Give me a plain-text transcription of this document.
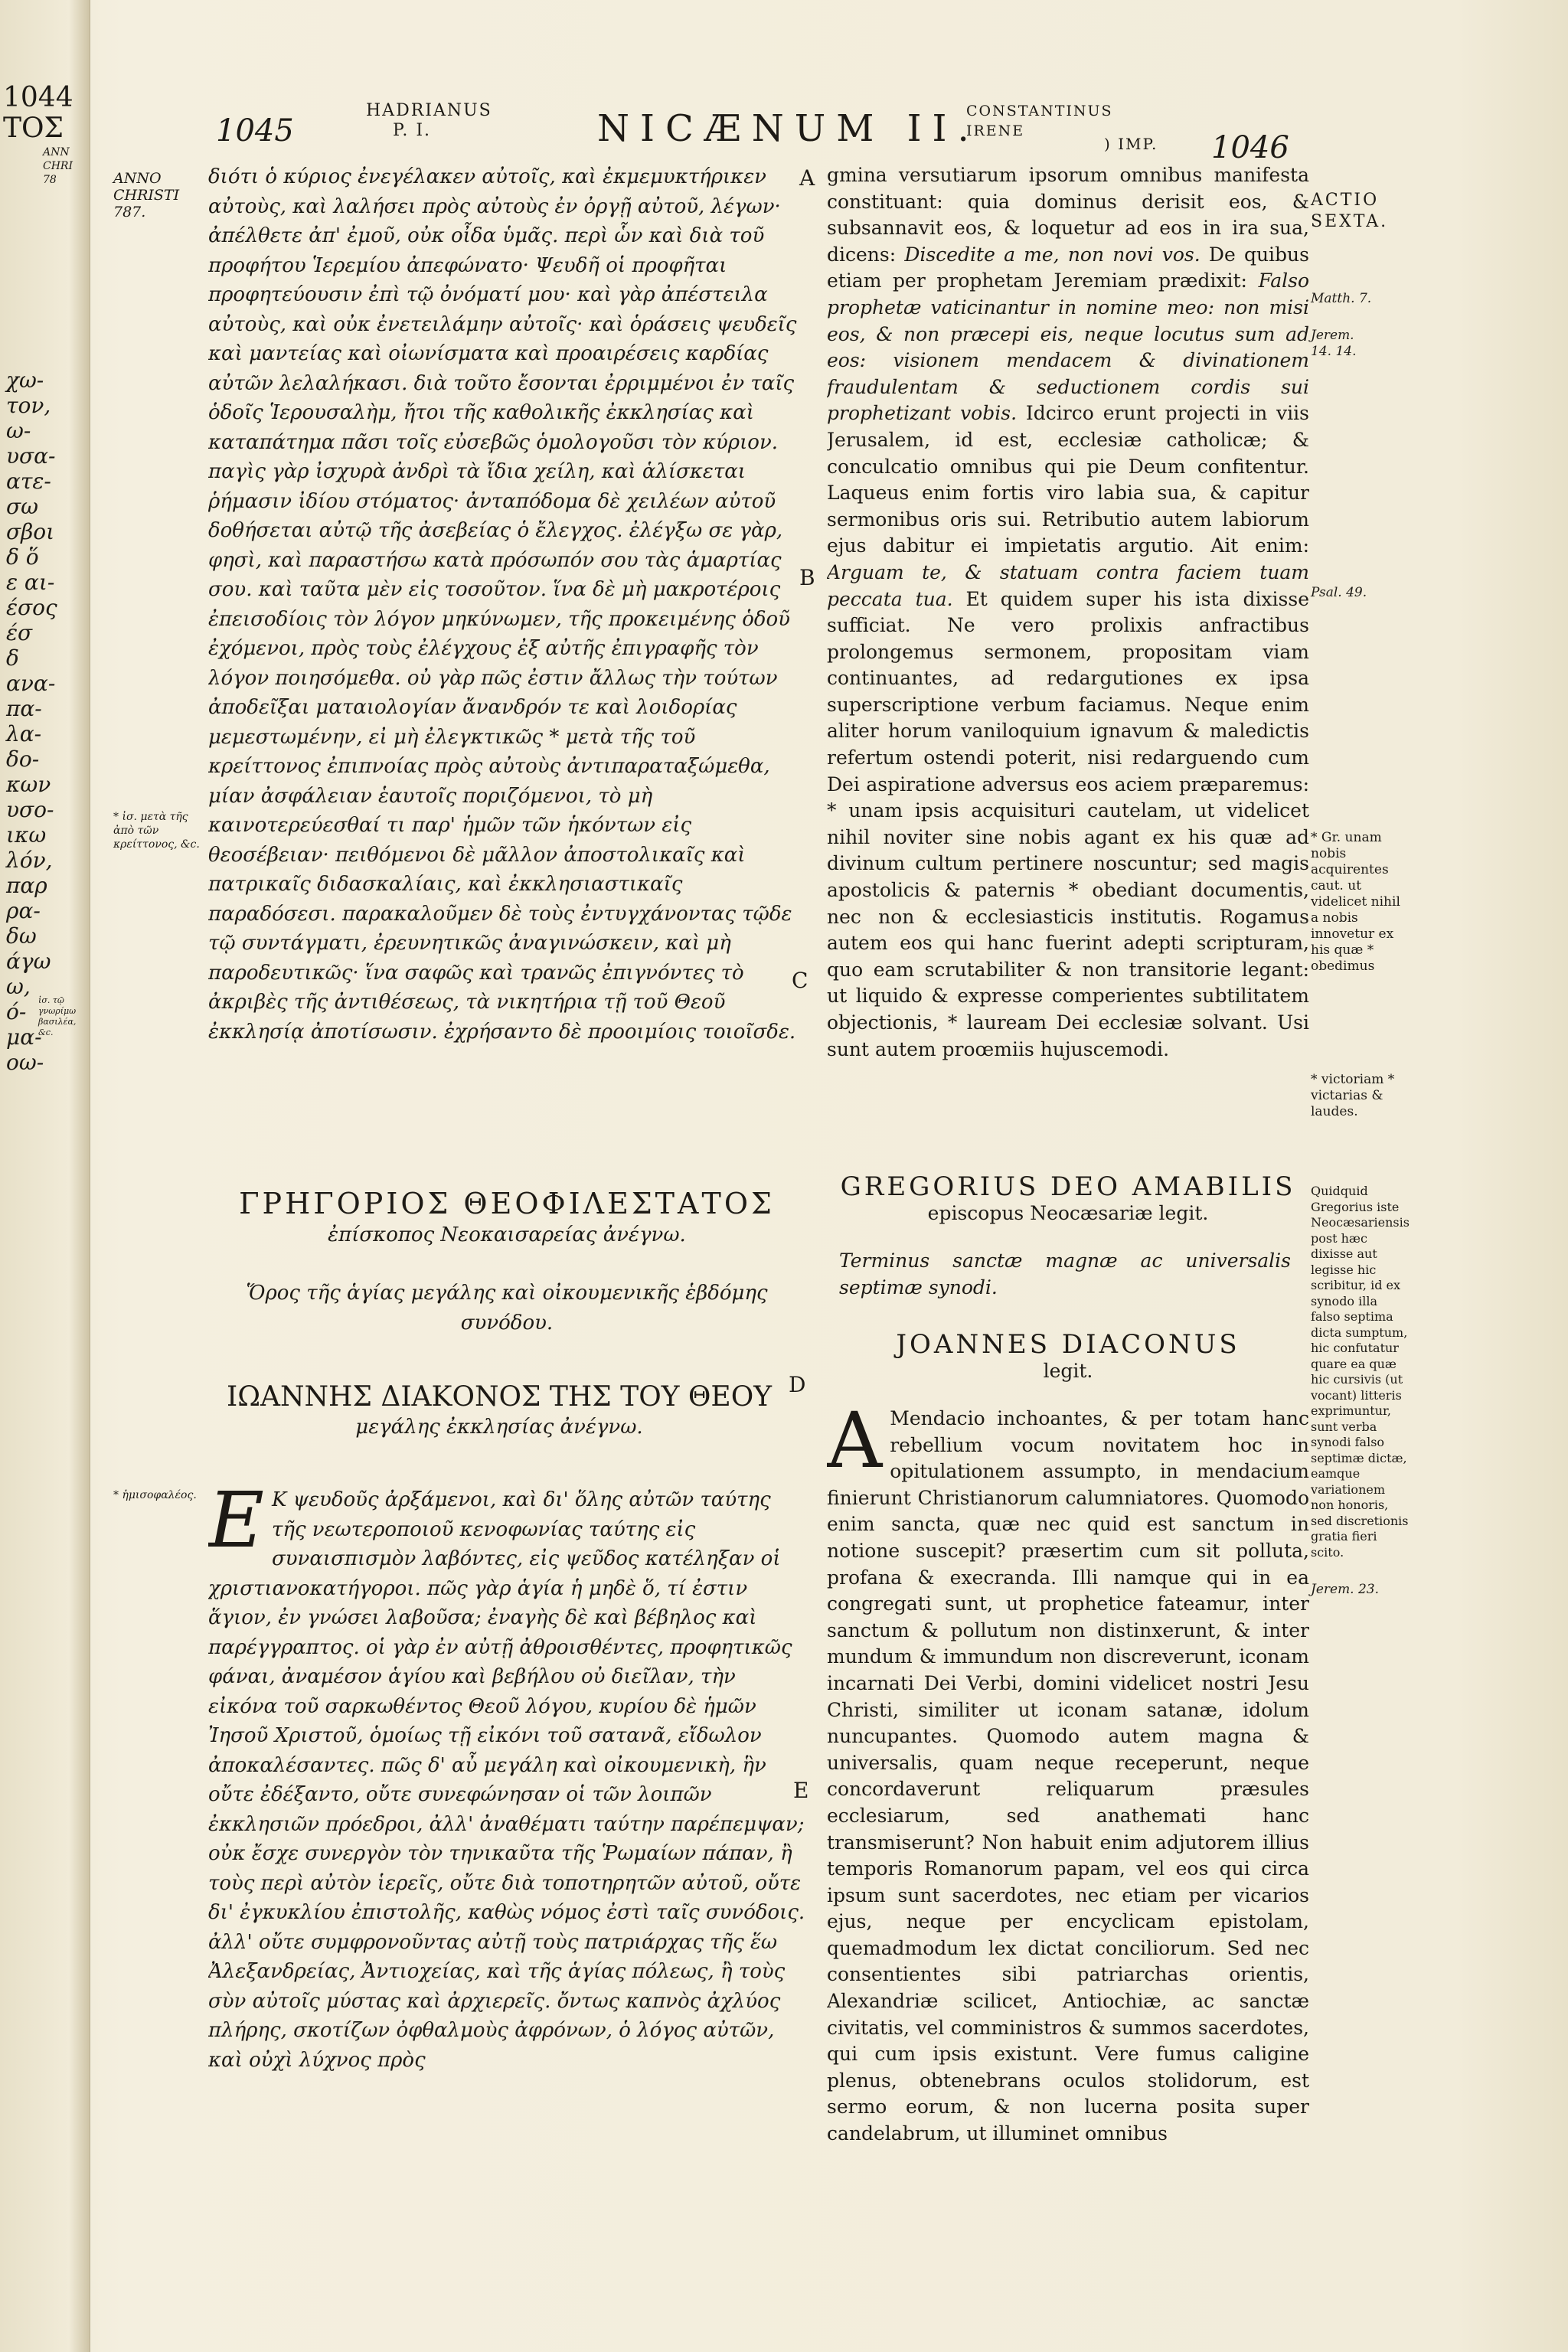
1044
ΤΟΣ
ANN CHRI 78
χω-
τον,
ω-
υσα-
ατε-
σω
σβοι
δ ὅ
ε αι-
έσος
έσ
δ
ανα-
πα-
λα-
δο-
κων
υσο-
ικω
λόν,
παρ
ρα-
δω
άγω
ω,
ό-
μα-
οω-
ἰσ. τῷ γνωρίμω βασιλέα, &c.
1045
HADRIANUS P. I.	NICÆNUM II.
CONSTANTINUS IRENE
) IMP. 1046
ANNO CHRISTI 787.
* ἰσ. μετὰ τῆς ἀπὸ τῶν κρείττονος, &c.
* ἡμισοφαλέος.
A
B
C
D
E
διότι ὁ κύριος ἐνεγέλακεν αὐτοῖς, καὶ ἐκμεμυκτήρικεν αὐτοὺς, καὶ λαλήσει πρὸς αὐτοὺς ἐν ὀργῇ αὐτοῦ, λέγων· ἀπέλθετε ἀπ' ἐμοῦ, οὐκ οἶδα ὑμᾶς. περὶ ὧν καὶ διὰ τοῦ προφήτου Ἱερεμίου ἀπεφώνατο· Ψευδῆ οἱ προφῆται προφητεύουσιν ἐπὶ τῷ ὀνόματί μου· καὶ γὰρ ἀπέστειλα αὐτοὺς, καὶ οὐκ ἐνετειλάμην αὐτοῖς· καὶ ὁράσεις ψευδεῖς καὶ μαντείας καὶ οἰωνίσματα καὶ προαιρέσεις καρδίας αὐτῶν λελαλήκασι. διὰ τοῦτο ἔσονται ἐρριμμένοι ἐν ταῖς ὁδοῖς Ἱερουσαλὴμ, ἤτοι τῆς καθολικῆς ἐκκλησίας καὶ καταπάτημα πᾶσι τοῖς εὐσεβῶς ὁμολογοῦσι τὸν κύριον. παγὶς γὰρ ἰσχυρὰ ἀνδρὶ τὰ ἴδια χείλη, καὶ ἁλίσκεται ῥήμασιν ἰδίου στόματος· ἀνταπόδομα δὲ χειλέων αὐτοῦ δοθήσεται αὐτῷ τῆς ἀσεβείας ὁ ἔλεγχος. ἐλέγξω σε γὰρ, φησὶ, καὶ παραστήσω κατὰ πρόσωπόν σου τὰς ἁμαρτίας σου. καὶ ταῦτα μὲν εἰς τοσοῦτον. ἵνα δὲ μὴ μακροτέροις ἐπεισοδίοις τὸν λόγον μηκύνωμεν, τῆς προκειμένης ὁδοῦ ἐχόμενοι, πρὸς τοὺς ἐλέγχους ἐξ αὐτῆς ἐπιγραφῆς τὸν λόγον ποιησόμεθα. οὐ γὰρ πῶς ἐστιν ἄλλως τὴν τούτων ἀποδεῖξαι ματαιολογίαν ἄνανδρόν τε καὶ λοιδορίας μεμεστωμένην, εἰ μὴ ἐλεγκτικῶς * μετὰ τῆς τοῦ κρείττονος ἐπιπνοίας πρὸς αὐτοὺς ἀντιπαραταξώμεθα, μίαν ἀσφάλειαν ἑαυτοῖς ποριζόμενοι, τὸ μὴ καινοτερεύεσθαί τι παρ' ἡμῶν τῶν ἡκόντων εἰς θεοσέβειαν· πειθόμενοι δὲ μᾶλλον ἀποστολικαῖς καὶ πατρικαῖς διδασκαλίαις, καὶ ἐκκλησιαστικαῖς παραδόσεσι. παρακαλοῦμεν δὲ τοὺς ἐντυγχάνοντας τῷδε τῷ συντάγματι, ἐρευνητικῶς ἀναγινώσκειν, καὶ μὴ παροδευτικῶς· ἵνα σαφῶς καὶ τρανῶς ἐπιγνόντες τὸ ἀκριβὲς τῆς ἀντιθέσεως, τὰ νικητήρια τῇ τοῦ Θεοῦ ἐκκλησίᾳ ἀποτίσωσιν. ἐχρήσαντο δὲ προοιμίοις τοιοῖσδε.
ΓΡΗΓΟΡΙΟΣ ΘΕΟΦΙΛΕΣΤΑΤΟΣ
ἐπίσκοπος Νεοκαισαρείας ἀνέγνω.
Ὅρος τῆς ἁγίας μεγάλης καὶ οἰκουμενικῆς ἑβδόμης συνόδου.
ΙΩΑΝΝΗΣ ΔΙΑΚΟΝΟΣ ΤΗΣ ΤΟΥ ΘΕΟΥ
μεγάλης ἐκκλησίας ἀνέγνω.
Ε Κ ψευδοῦς ἀρξάμενοι, καὶ δι' ὅλης αὐτῶν ταύτης τῆς νεωτεροποιοῦ κενοφωνίας ταύτης εἰς συναισπισμὸν λαβόντες, εἰς ψεῦδος κατέληξαν οἱ χριστιανοκατήγοροι. πῶς γὰρ ἁγία ἡ μηδὲ ὅ, τί ἐστιν ἅγιον, ἐν γνώσει λαβοῦσα; ἐναγὴς δὲ καὶ βέβηλος καὶ παρέγγραπτος. οἱ γὰρ ἐν αὐτῇ ἀθροισθέντες, προφητικῶς φάναι, ἀναμέσον ἁγίου καὶ βεβήλου οὐ διεῖλαν, τὴν εἰκόνα τοῦ σαρκωθέντος Θεοῦ λόγου, κυρίου δὲ ἡμῶν Ἰησοῦ Χριστοῦ, ὁμοίως τῇ εἰκόνι τοῦ σατανᾶ, εἴδωλον ἀποκαλέσαντες. πῶς δ' αὖ μεγάλη καὶ οἰκουμενικὴ, ἣν οὔτε ἐδέξαντο, οὔτε συνεφώνησαν οἱ τῶν λοιπῶν ἐκκλησιῶν πρόεδροι, ἀλλ' ἀναθέματι ταύτην παρέπεμψαν; οὐκ ἔσχε συνεργὸν τὸν τηνικαῦτα τῆς Ῥωμαίων πάπαν, ἢ τοὺς περὶ αὐτὸν ἱερεῖς, οὔτε διὰ τοποτηρητῶν αὐτοῦ, οὔτε δι' ἐγκυκλίου ἐπιστολῆς, καθὼς νόμος ἐστὶ ταῖς συνόδοις. ἀλλ' οὔτε συμφρονοῦντας αὐτῇ τοὺς πατριάρχας τῆς ἕω Ἀλεξανδρείας, Ἀντιοχείας, καὶ τῆς ἁγίας πόλεως, ἢ τοὺς σὺν αὐτοῖς μύστας καὶ ἀρχιερεῖς. ὄντως καπνὸς ἀχλύος πλήρης, σκοτίζων ὀφθαλμοὺς ἀφρόνων, ὁ λόγος αὐτῶν, καὶ οὐχὶ λύχνος πρὸς
gmina versutiarum ipsorum omnibus manifesta constituant: quia dominus derisit eos, & subsannavit eos, & loquetur ad eos in ira sua, dicens: Discedite a me, non novi vos. De quibus etiam per prophetam Jeremiam prædixit: Falso prophetæ vaticinantur in nomine meo: non misi eos, & non præcepi eis, neque locutus sum ad eos: visionem mendacem & divinationem fraudulentam & seductionem cordis sui prophetizant vobis. Idcirco erunt projecti in viis Jerusalem, id est, ecclesiæ catholicæ; & conculcatio omnibus qui pie Deum confitentur. Laqueus enim fortis viro labia sua, & capitur sermonibus oris sui. Retributio autem labiorum ejus dabitur ei impietatis argutio. Ait enim: Arguam te, & statuam contra faciem tuam peccata tua. Et quidem super his ista dixisse sufficiat. Ne vero prolixis anfractibus prolongemus sermonem, propositam viam continuantes, ad redargutiones ex ipsa superscriptione verbum faciamus. Neque enim aliter horum vaniloquium ignavum & maledictis refertum ostendi poterit, nisi redarguendo cum Dei aspiratione adversus eos aciem præparemus: * unam ipsis acquisituri cautelam, ut videlicet nihil noviter sine nobis agant ex his quæ ad divinum cultum pertinere noscuntur; sed magis apostolicis & paternis * obediant documentis, nec non & ecclesiasticis institutis. Rogamus autem eos qui hanc fuerint adepti scripturam, quo eam scrutabiliter & non transitorie legant: ut liquido & expresse comperientes subtilitatem objectionis, * lauream Dei ecclesiæ solvant. Usi sunt autem proœmiis hujuscemodi.
GREGORIUS DEO AMABILIS
episcopus Neocæsariæ legit.
Terminus sanctæ magnæ ac universalis septimæ synodi.
JOANNES DIACONUS
legit.
A Mendacio inchoantes, & per totam hanc rebellium vocum novitatem hoc in opitulationem assumpto, in mendacium finierunt Christianorum calumniatores. Quomodo enim sancta, quæ nec quid est sanctum in notione suscepit? præsertim cum sit polluta, profana & execranda. Illi namque qui in ea congregati sunt, ut prophetice fateamur, inter sanctum & pollutum non distinxerunt, & inter mundum & immundum non discreverunt, iconam incarnati Dei Verbi, domini videlicet nostri Jesu Christi, similiter ut iconam satanæ, idolum nuncupantes. Quomodo autem magna & universalis, quam neque receperunt, neque concordaverunt reliquarum præsules ecclesiarum, sed anathemati hanc transmiserunt? Non habuit enim adjutorem illius temporis Romanorum papam, vel eos qui circa ipsum sunt sacerdotes, nec etiam per vicarios ejus, neque per encyclicam epistolam, quemadmodum lex dictat conciliorum. Sed nec consentientes sibi patriarchas orientis, Alexandriæ scilicet, Antiochiæ, ac sanctæ civitatis, vel comministros & summos sacerdotes, qui cum ipsis existunt. Vere fumus caligine plenus, obtenebrans oculos stolidorum, est sermo eorum, & non lucerna posita super candelabrum, ut illuminet omnibus
ACTIO SEXTA.
Matth. 7.
Jerem. 14. 14.
Psal. 49.
* Gr. unam nobis acquirentes caut. ut videlicet nihil a nobis innovetur ex his quæ * obedimus
* victoriam * victarias & laudes.
Quidquid Gregorius iste Neocæsariensis post hæc dixisse aut legisse hic scribitur, id ex synodo illa falso septima dicta sumptum, hic confutatur quare ea quæ hic cursivis (ut vocant) litteris exprimuntur, sunt verba synodi falso septimæ dictæ, eamque variationem non honoris, sed discretionis gratia fieri scito.
Jerem. 23.
